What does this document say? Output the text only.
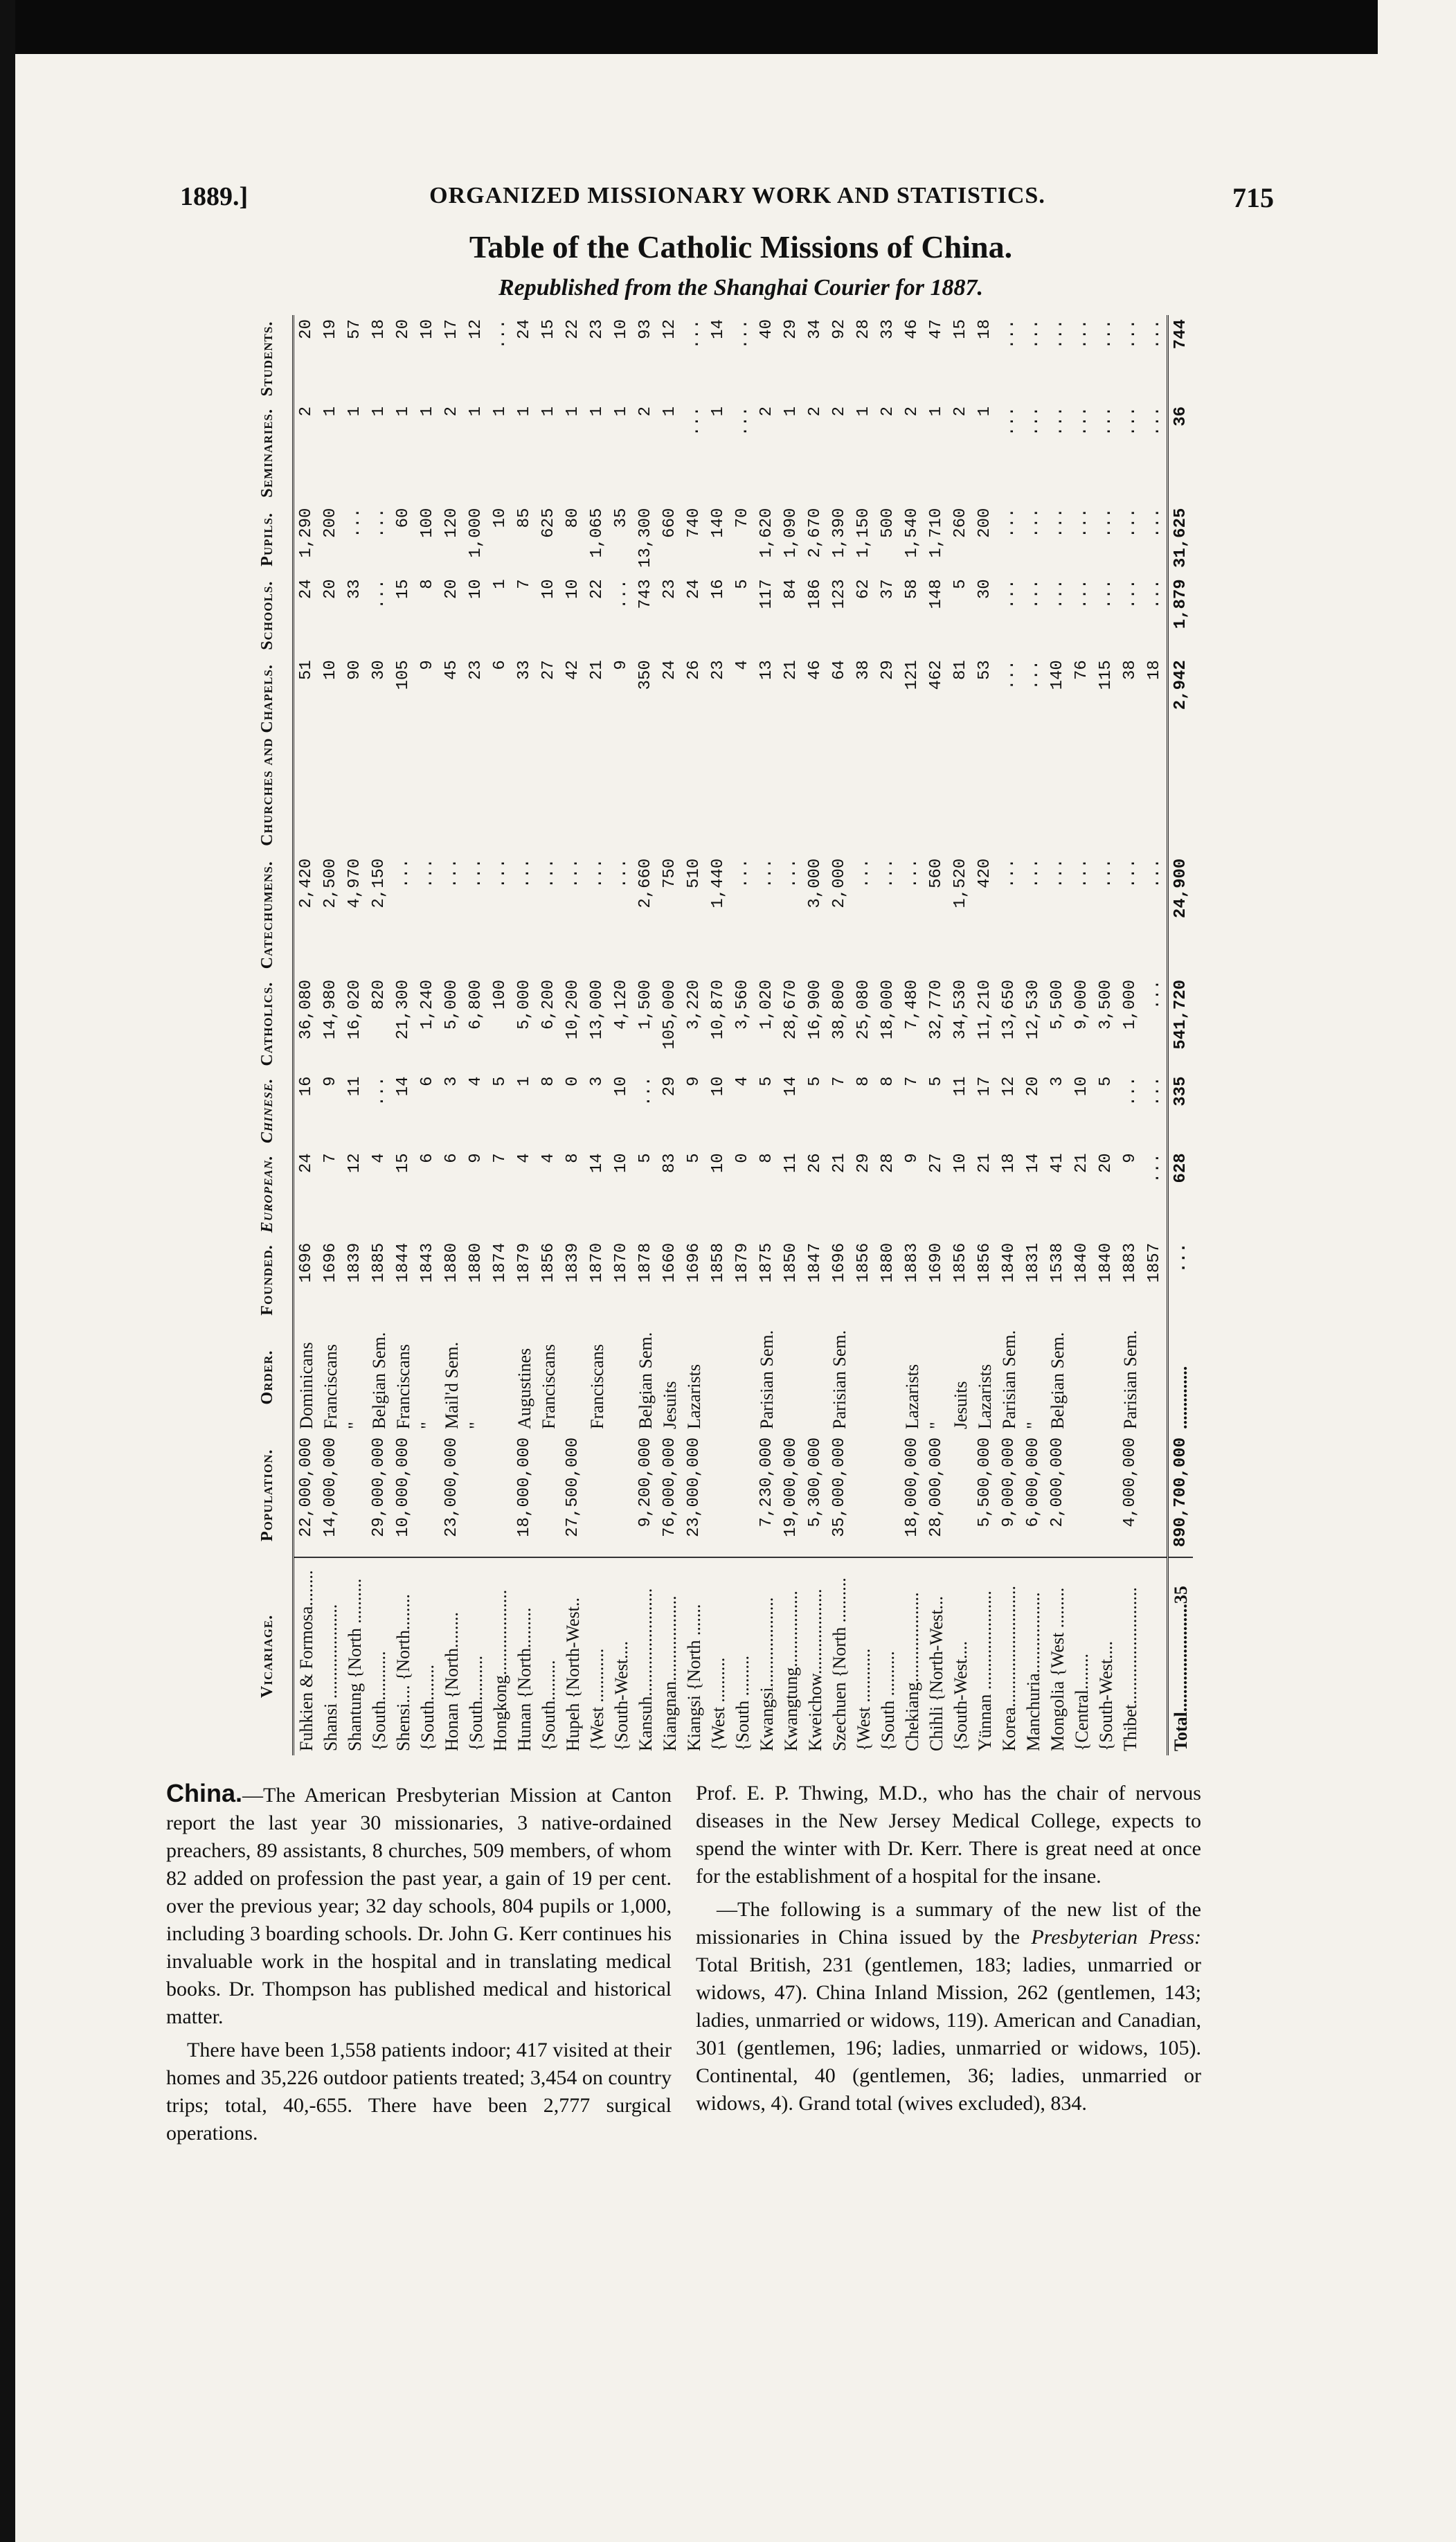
1889.]	ORGANIZED MISSIONARY WORK AND STATISTICS.	715
Table of the Catholic Missions of China.
Republished from the Shanghai Courier for 1887.
Vicariage.	Population.	Order.	Founded.	European.	Chinese.	Catholics.	Catechumens.	Churches and Chapels.	Schools.	Pupils.	Seminaries.	Students.
Fuhkien & Formosa........	22,000,000	Dominicans	1696	24	16	36,080	2,420	51	24	1,290	2	20
Shansi .....................	14,000,000	Franciscans	1696	7	9	14,980	2,500	10	20	200	1	19
Shantung {North ..........		"	1839	12	11	16,020	4,970	90	33	...	1	57
{South...........	29,000,000	Belgian Sem.	1885	4	...	820	2,150	30	...	...	1	18
Shensi.... {North........	10,000,000	Franciscans	1844	15	14	21,300	...	105	15	60	1	20
{South........		"	1843	6	6	1,240	...	9	8	100	1	10
Honan {North........	23,000,000	Mail'd Sem.	1880	6	3	5,000	...	45	20	120	2	17
{South..........		"	1880	9	4	6,800	...	23	10	1,000	1	12
Hongkong...................			1874	7	5	100	...	6	1	10	1	...
Hunan {North.........	18,000,000	Augustines	1879	4	1	5,000	...	33	7	85	1	24
{South.........		Franciscans	1856	4	8	6,200	...	27	10	625	1	15
Hupeh {North-West..	27,500,000		1839	8	0	10,200	...	42	10	80	1	22
{West ............		Franciscans	1870	14	3	13,000	...	21	22	1,065	1	23
{South-West....			1870	10	10	4,120	...	9	...	35	1	10
Kansuh........................	9,200,000	Belgian Sem.	1878	5	...	1,500	2,660	350	743	13,300	2	93
Kiangnan...................	76,000,000	Jesuits	1660	83	29	105,000	750	24	23	660	1	12
Kiangsi {North .......	23,000,000	Lazarists	1696	5	9	3,220	510	26	24	740	...	...
{West ..........			1858	10	10	10,870	1,440	23	16	140	1	14
{South .........			1879	0	4	3,560	...	4	5	70	...	...
Kwangsi....................	7,230,000	Parisian Sem.	1875	8	5	1,020	...	13	117	1,620	2	40
Kwangtung.................	19,000,000		1850	11	14	28,670	...	21	84	1,090	1	29
Kweichow...................	5,300,000		1847	26	5	16,900	3,000	46	186	2,670	2	34
Szechuen {North ..........	35,000,000	Parisian Sem.	1696	21	7	38,800	2,000	64	123	1,390	2	92
{West ............			1856	29	8	25,080	...	38	62	1,150	1	28
{South ..........			1880	28	8	18,000	...	29	37	500	2	33
Chekiang....................	18,000,000	Lazarists	1883	9	7	7,480	...	121	58	1,540	2	46
Chihli {North-West...	28,000,000	"	1690	27	5	32,770	560	462	148	1,710	1	47
{South-West....		Jesuits	1856	10	11	34,530	1,520	81	5	260	2	15
Yünnan ......................	5,500,000	Lazarists	1856	21	17	11,210	420	53	30	200	1	18
Korea...........................	9,000,000	Parisian Sem.	1840	18	12	13,650	...	...	...	...	...	...
Manchuria..................	6,000,000	"	1831	14	20	12,530	...	...	...	...	...	...
Mongolia {West .........	2,000,000	Belgian Sem.	1538	41	3	5,500	...	140	...	...	...	...
{Central........			1840	21	10	9,000	...	76	...	...	...	...
{South-West....			1840	20	5	3,500	...	115	...	...	...	...
Thibet..........................	4,000,000	Parisian Sem.	1883	9	...	1,000	...	38	...	...	...	...
			1857	...	...	...	...	18	...	...	...	...
Total........................35	890,700,000	..............	...	628	335	541,720	24,900	2,942	1,879	31,625	36	744

China.—The American Presbyterian Mission at Canton report the last year 30 missionaries, 3 native-ordained preachers, 89 assistants, 8 churches, 509 members, of whom 82 added on profession the past year, a gain of 19 per cent. over the previous year; 32 day schools, 804 pupils or 1,000, including 3 boarding schools. Dr. John G. Kerr continues his invaluable work in the hospital and in translating medical books. Dr. Thompson has published medical and historical matter.

There have been 1,558 patients indoor; 417 visited at their homes and 35,226 outdoor patients treated; 3,454 on country trips; total, 40,-655. There have been 2,777 surgical operations.

Prof. E. P. Thwing, M.D., who has the chair of nervous diseases in the New Jersey Medical College, expects to spend the winter with Dr. Kerr. There is great need at once for the establishment of a hospital for the insane.

—The following is a summary of the new list of the missionaries in China issued by the Presbyterian Press: Total British, 231 (gentlemen, 183; ladies, unmarried or widows, 47). China Inland Mission, 262 (gentlemen, 143; ladies, unmarried or widows, 119). American and Canadian, 301 (gentlemen, 196; ladies, unmarried or widows, 105). Continental, 40 (gentlemen, 36; ladies, unmarried or widows, 4). Grand total (wives excluded), 834.
